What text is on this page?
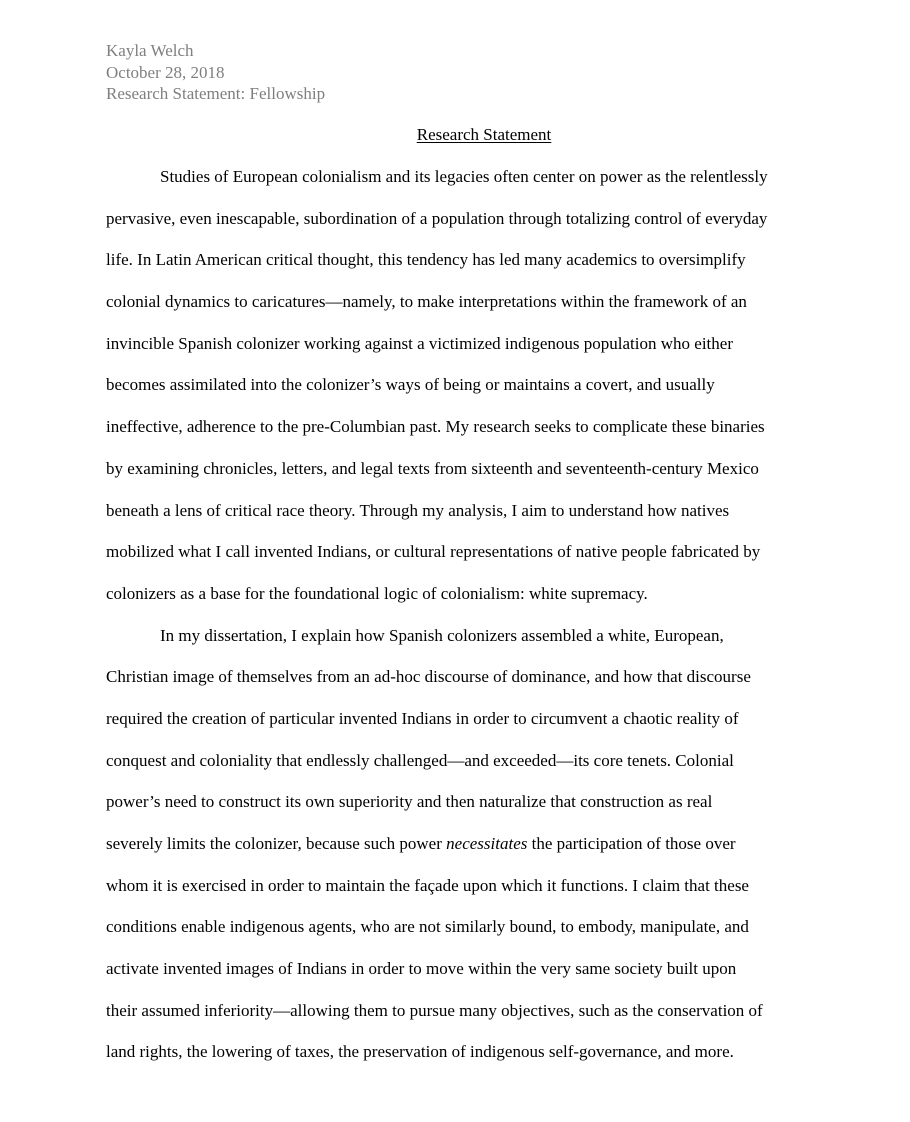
Kayla Welch
October 28, 2018
Research Statement: Fellowship
Research Statement
Studies of European colonialism and its legacies often center on power as the relentlessly
pervasive, even inescapable, subordination of a population through totalizing control of everyday
life. In Latin American critical thought, this tendency has led many academics to oversimplify
colonial dynamics to caricatures—namely, to make interpretations within the framework of an
invincible Spanish colonizer working against a victimized indigenous population who either
becomes assimilated into the colonizer’s ways of being or maintains a covert, and usually
ineffective, adherence to the pre-Columbian past. My research seeks to complicate these binaries
by examining chronicles, letters, and legal texts from sixteenth and seventeenth-century Mexico
beneath a lens of critical race theory. Through my analysis, I aim to understand how natives
mobilized what I call invented Indians, or cultural representations of native people fabricated by
colonizers as a base for the foundational logic of colonialism: white supremacy.
In my dissertation, I explain how Spanish colonizers assembled a white, European,
Christian image of themselves from an ad-hoc discourse of dominance, and how that discourse
required the creation of particular invented Indians in order to circumvent a chaotic reality of
conquest and coloniality that endlessly challenged—and exceeded—its core tenets. Colonial
power’s need to construct its own superiority and then naturalize that construction as real
severely limits the colonizer, because such power necessitates the participation of those over
whom it is exercised in order to maintain the façade upon which it functions. I claim that these
conditions enable indigenous agents, who are not similarly bound, to embody, manipulate, and
activate invented images of Indians in order to move within the very same society built upon
their assumed inferiority—allowing them to pursue many objectives, such as the conservation of
land rights, the lowering of taxes, the preservation of indigenous self-governance, and more.
